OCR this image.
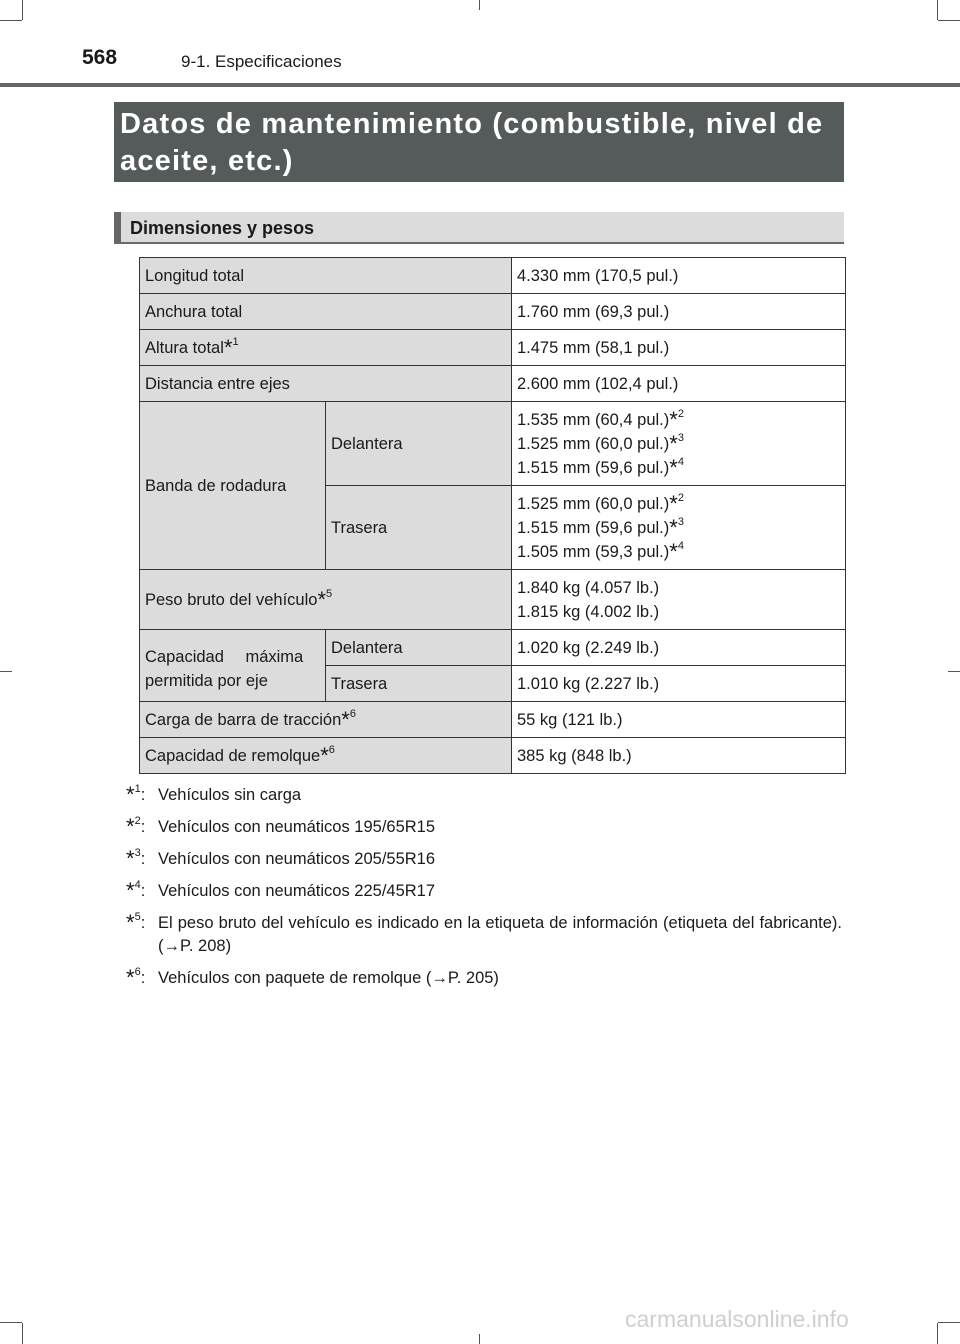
568	9-1. Especificaciones
Datos de mantenimiento (combustible, nivel de aceite, etc.)
Dimensiones y pesos
Longitud total		4.330 mm (170,5 pul.)
Anchura total		1.760 mm (69,3 pul.)
Altura total*$^1$		1.475 mm (58,1 pul.)
Distancia entre ejes		2.600 mm (102,4 pul.)
Banda de rodadura	Delantera	1.535 mm (60,4 pul.)*$^2$
1.525 mm (60,0 pul.)*$^3$
1.515 mm (59,6 pul.)*$^4$

	Trasera	1.525 mm (60,0 pul.)*$^2$
1.515 mm (59,6 pul.)*$^3$
1.505 mm (59,3 pul.)*$^4$

Peso bruto del vehículo*$^5$		1.840 kg (4.057 lb.)
1.815 kg (4.002 lb.)

Capacidad máxima
permitida por eje	Delantera	1.020 kg (2.249 lb.)
	Trasera	1.010 kg (2.227 lb.)
Carga de barra de tracción*$^6$		55 kg (121 lb.)
Capacidad de remolque*$^6$		385 kg (848 lb.)
*$^1$: Vehículos sin carga
*$^2$: Vehículos con neumáticos 195/65R15
*$^3$: Vehículos con neumáticos 205/55R16
*$^4$: Vehículos con neumáticos 225/45R17
*$^5$: El peso bruto del vehículo es indicado en la etiqueta de información (etiqueta del fabricante). (→P. 208)
*$^6$: Vehículos con paquete de remolque (→P. 205)
carmanualsonline.info
